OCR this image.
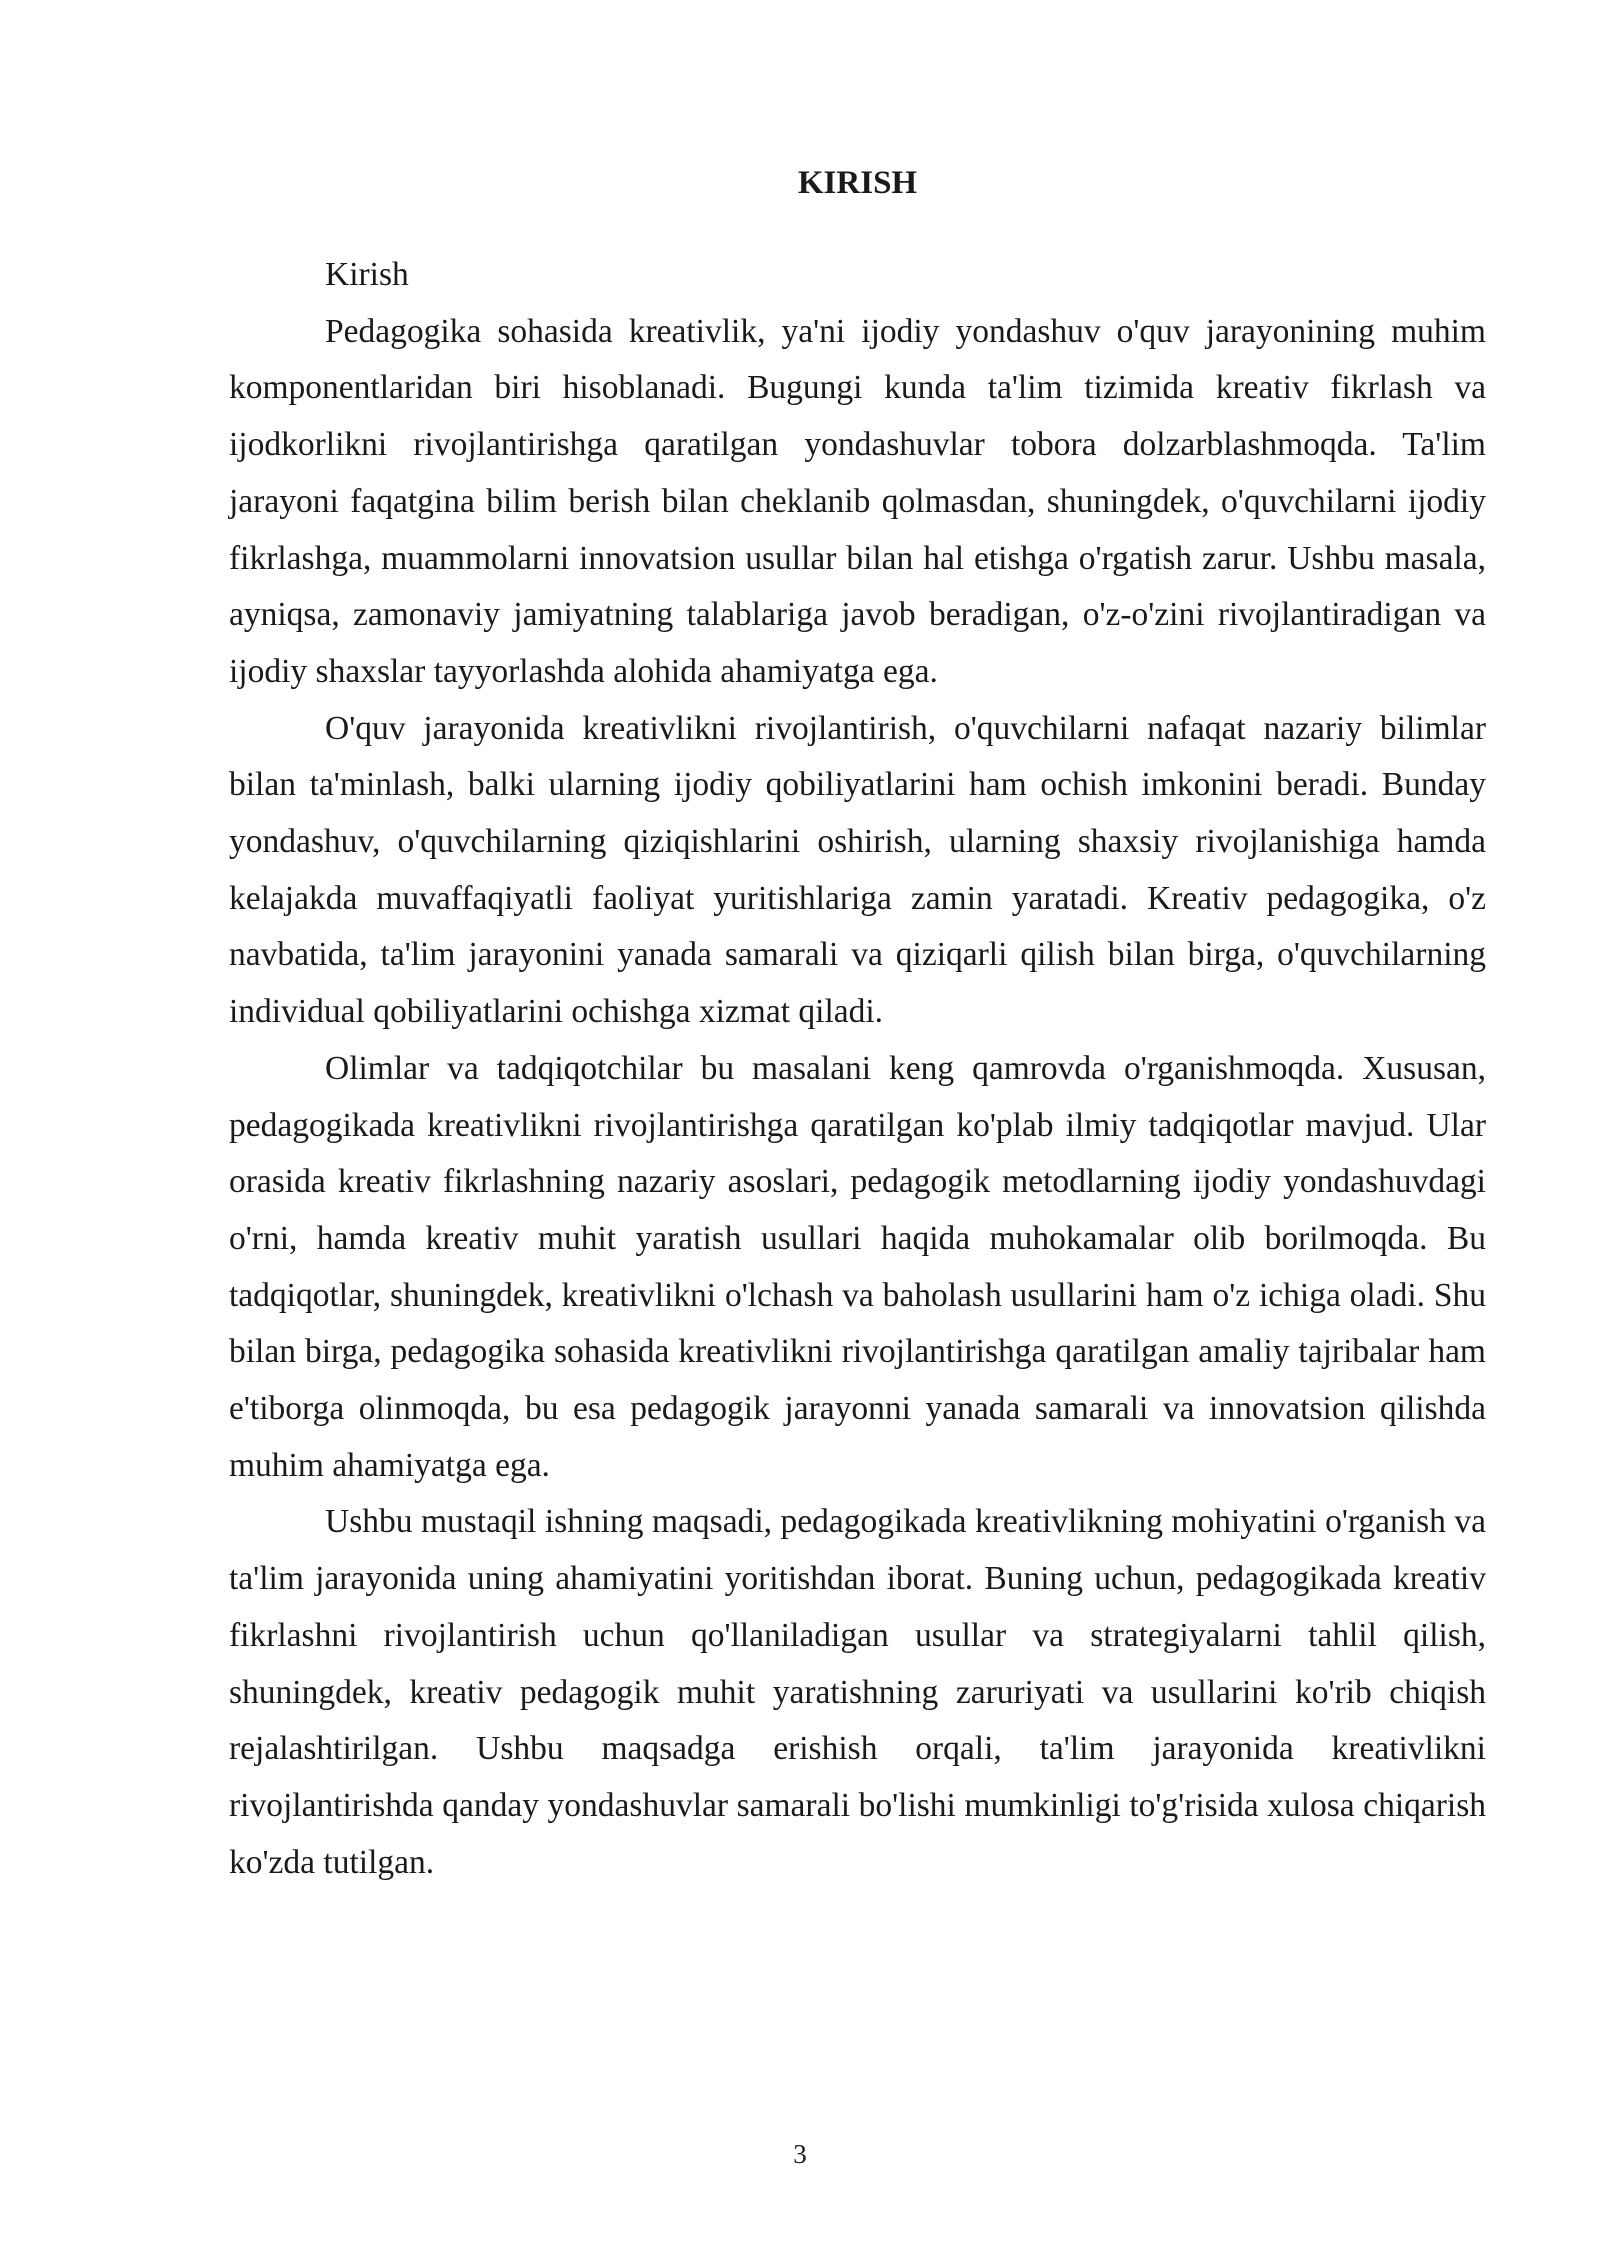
KIRISH

Kirish

Pedagogika sohasida kreativlik, ya'ni ijodiy yondashuv o'quv jarayonining muhim komponentlaridan biri hisoblanadi. Bugungi kunda ta'lim tizimida kreativ fikrlash va ijodkorlikni rivojlantirishga qaratilgan yondashuvlar tobora dolzarblashmoqda. Ta'lim jarayoni faqatgina bilim berish bilan cheklanib qolmasdan, shuningdek, o'quvchilarni ijodiy fikrlashga, muammolarni innovatsion usullar bilan hal etishga o'rgatish zarur. Ushbu masala, ayniqsa, zamonaviy jamiyatning talablariga javob beradigan, o'z-o'zini rivojlantiradigan va ijodiy shaxslar tayyorlashda alohida ahamiyatga ega.

O'quv jarayonida kreativlikni rivojlantirish, o'quvchilarni nafaqat nazariy bilimlar bilan ta'minlash, balki ularning ijodiy qobiliyatlarini ham ochish imkonini beradi. Bunday yondashuv, o'quvchilarning qiziqishlarini oshirish, ularning shaxsiy rivojlanishiga hamda kelajakda muvaffaqiyatli faoliyat yuritishlariga zamin yaratadi. Kreativ pedagogika, o'z navbatida, ta'lim jarayonini yanada samarali va qiziqarli qilish bilan birga, o'quvchilarning individual qobiliyatlarini ochishga xizmat qiladi.

Olimlar va tadqiqotchilar bu masalani keng qamrovda o'rganishmoqda. Xususan, pedagogikada kreativlikni rivojlantirishga qaratilgan ko'plab ilmiy tadqiqotlar mavjud. Ular orasida kreativ fikrlashning nazariy asoslari, pedagogik metodlarning ijodiy yondashuvdagi o'rni, hamda kreativ muhit yaratish usullari haqida muhokamalar olib borilmoqda. Bu tadqiqotlar, shuningdek, kreativlikni o'lchash va baholash usullarini ham o'z ichiga oladi. Shu bilan birga, pedagogika sohasida kreativlikni rivojlantirishga qaratilgan amaliy tajribalar ham e'tiborga olinmoqda, bu esa pedagogik jarayonni yanada samarali va innovatsion qilishda muhim ahamiyatga ega.

Ushbu mustaqil ishning maqsadi, pedagogikada kreativlikning mohiyatini o'rganish va ta'lim jarayonida uning ahamiyatini yoritishdan iborat. Buning uchun, pedagogikada kreativ fikrlashni rivojlantirish uchun qo'llaniladigan usullar va strategiyalarni tahlil qilish, shuningdek, kreativ pedagogik muhit yaratishning zaruriyati va usullarini ko'rib chiqish rejalashtirilgan. Ushbu maqsadga erishish orqali, ta'lim jarayonida kreativlikni rivojlantirishda qanday yondashuvlar samarali bo'lishi mumkinligi to'g'risida xulosa chiqarish ko'zda tutilgan.

3
